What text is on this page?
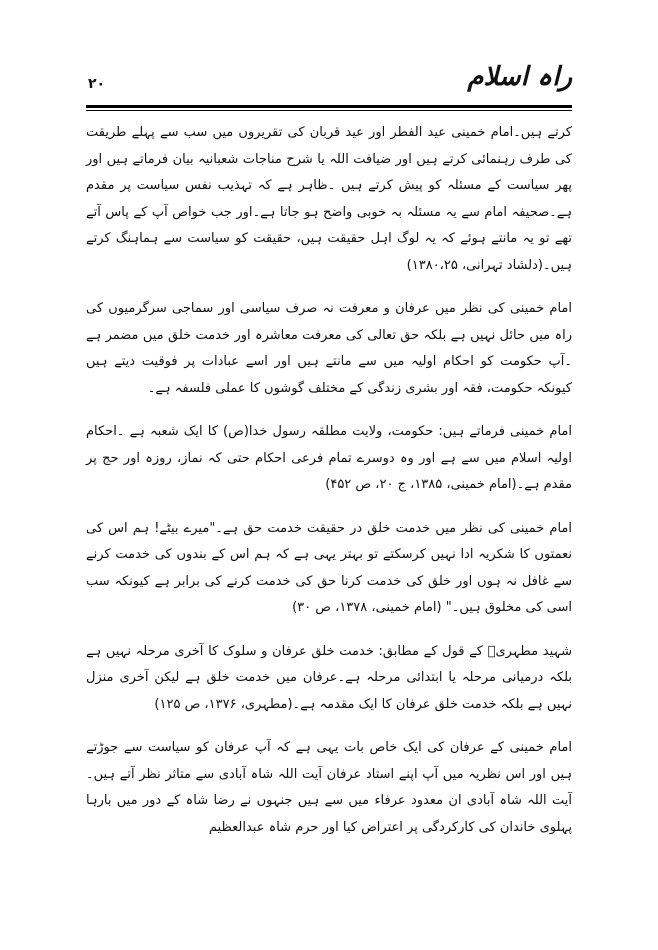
راہ اسلام
۲۰

کرتے ہیں۔امام خمینی عید الفطر اور عید قربان کی تقریروں میں سب سے پہلے طریقت کی طرف رہنمائی کرتے ہیں اور ضیافت اللہ یا شرح مناجات شعبانیہ بیان فرماتے ہیں اور پھر سیاست کے مسئلہ کو پیش کرتے ہیں ۔ظاہر ہے کہ تہذیب نفس سیاست پر مقدم ہے۔صحیفہ امام سے یہ مسئلہ بہ خوبی واضح ہو جاتا ہے۔اور جب خواص آپ کے پاس آتے تھے تو یہ مانتے ہوئے کہ یہ لوگ اہل حقیقت ہیں، حقیقت کو سیاست سے ہماہنگ کرتے ہیں۔(دلشاد تہرانی، ۱۳۸۰،۲۵)

امام خمینی کی نظر میں عرفان و معرفت نہ صرف سیاسی اور سماجی سرگرمیوں کی راہ میں حائل نہیں ہے بلکہ حق تعالی کی معرفت معاشرہ اور خدمت خلق میں مضمر ہے ۔آپ حکومت کو احکام اولیہ میں سے مانتے ہیں اور اسے عبادات پر فوقیت دیتے ہیں کیونکہ حکومت، فقہ اور بشری زندگی کے مختلف گوشوں کا عملی فلسفہ ہے۔

امام خمینی فرماتے ہیں: حکومت، ولایت مطلقہ رسول خدا(ص) کا ایک شعبہ ہے ۔احکام اولیہ اسلام میں سے ہے اور وہ دوسرے تمام فرعی احکام حتی کہ نماز، روزہ اور حج پر مقدم ہے۔(امام خمینی، ۱۳۸۵، ج ۲۰، ص ۴۵۲)

امام خمینی کی نظر میں خدمت خلق در حقیقت خدمت حق ہے۔"میرے بیٹے! ہم اس کی نعمتوں کا شکریہ ادا نہیں کرسکتے تو بہتر یہی ہے کہ ہم اس کے بندوں کی خدمت کرنے سے غافل نہ ہوں اور خلق کی خدمت کرنا حق کی خدمت کرنے کی برابر ہے کیونکہ سب اسی کی مخلوق ہیں۔" (امام خمینی، ۱۳۷۸، ص ۳۰)

شہید مطہریؒ کے قول کے مطابق: خدمت خلق عرفان و سلوک کا آخری مرحلہ نہیں ہے بلکہ درمیانی مرحلہ یا ابتدائی مرحلہ ہے۔عرفان میں خدمت خلق ہے لیکن آخری منزل نہیں ہے بلکہ خدمت خلق عرفان کا ایک مقدمہ ہے۔(مطہری، ۱۳۷۶، ص ۱۲۵)

امام خمینی کے عرفان کی ایک خاص بات یہی ہے کہ آپ عرفان کو سیاست سے جوڑتے ہیں اور اس نظریہ میں آپ اپنے استاد عرفان آیت اللہ شاہ آبادی سے متاثر نظر آتے ہیں۔آیت اللہ شاہ آبادی ان معدود عرفاء میں سے ہیں جنہوں نے رضا شاہ کے دور میں بارہا پہلوی خاندان کی کارکردگی پر اعتراض کیا اور حرم شاہ عبدالعظیم
